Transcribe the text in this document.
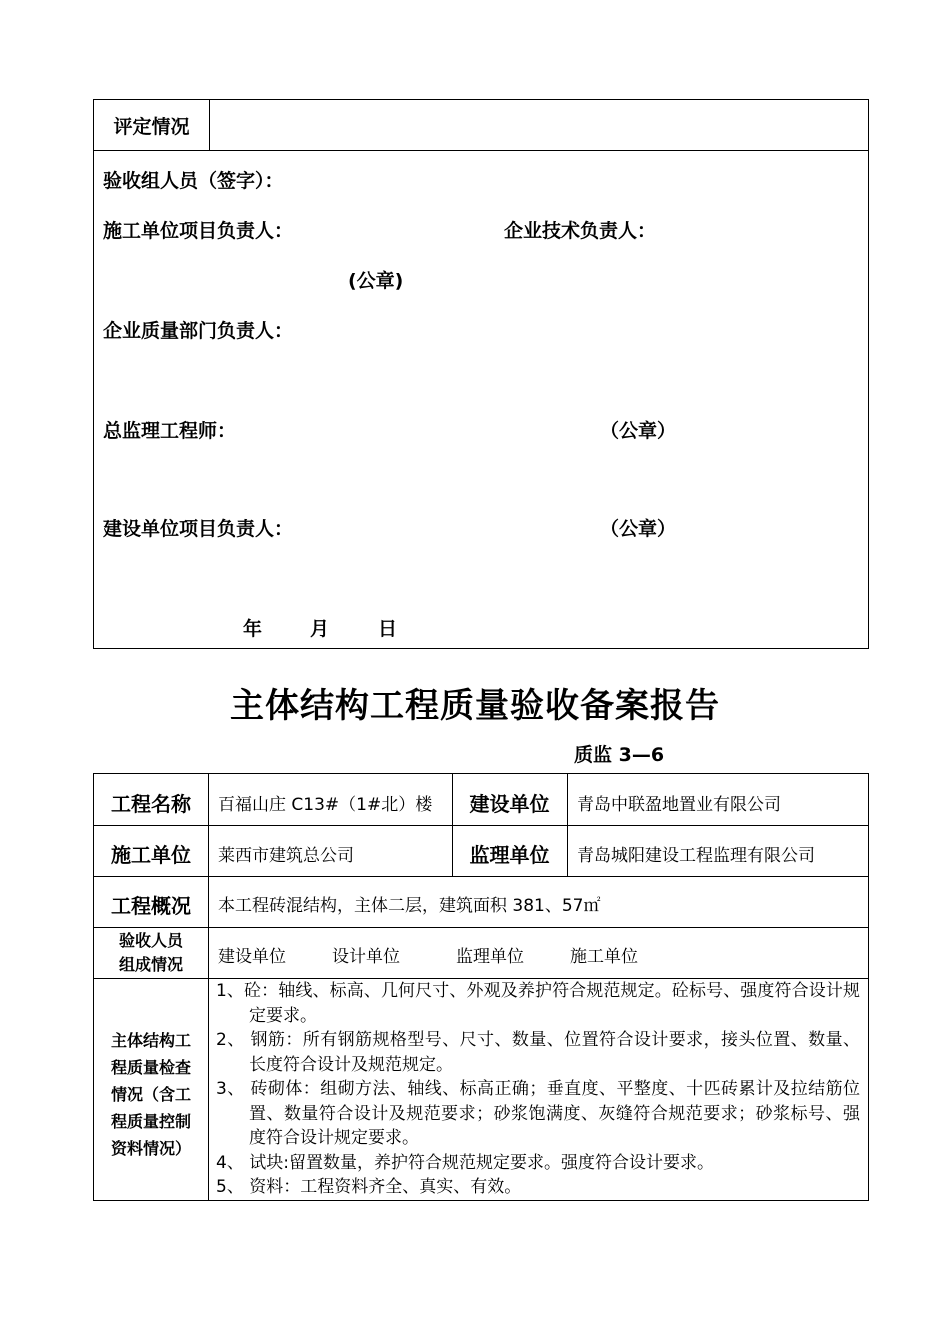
评定情况
验收组人员（签字）：
施工单位项目负责人：	企业技术负责人：
(公章)
企业质量部门负责人：
总监理工程师：	（公章）
建设单位项目负责人：	（公章）
年	月	日
主体结构工程质量验收备案报告
质监 3—6
工程名称	百福山庄 C13#（1#北）楼	建设单位	青岛中联盈地置业有限公司
施工单位	莱西市建筑总公司	监理单位	青岛城阳建设工程监理有限公司
工程概况	本工程砖混结构，主体二层，建筑面积 381、57㎡
验收人员
组成情况	建设单位	设计单位	监理单位	施工单位
主体结构工
程质量检查
情况（含工
程质量控制
资料情况）
1、砼：轴线、标高、几何尺寸、外观及养护符合规范规定。砼标号、强度符合设计规定要求。
2、 钢筋：所有钢筋规格型号、尺寸、数量、位置符合设计要求，接头位置、数量、长度符合设计及规范规定。
3、 砖砌体：组砌方法、轴线、标高正确；垂直度、平整度、十匹砖累计及拉结筋位置、数量符合设计及规范要求；砂浆饱满度、灰缝符合规范要求；砂浆标号、强度符合设计规定要求。
4、 试块:留置数量，养护符合规范规定要求。强度符合设计要求。
5、 资料：工程资料齐全、真实、有效。
